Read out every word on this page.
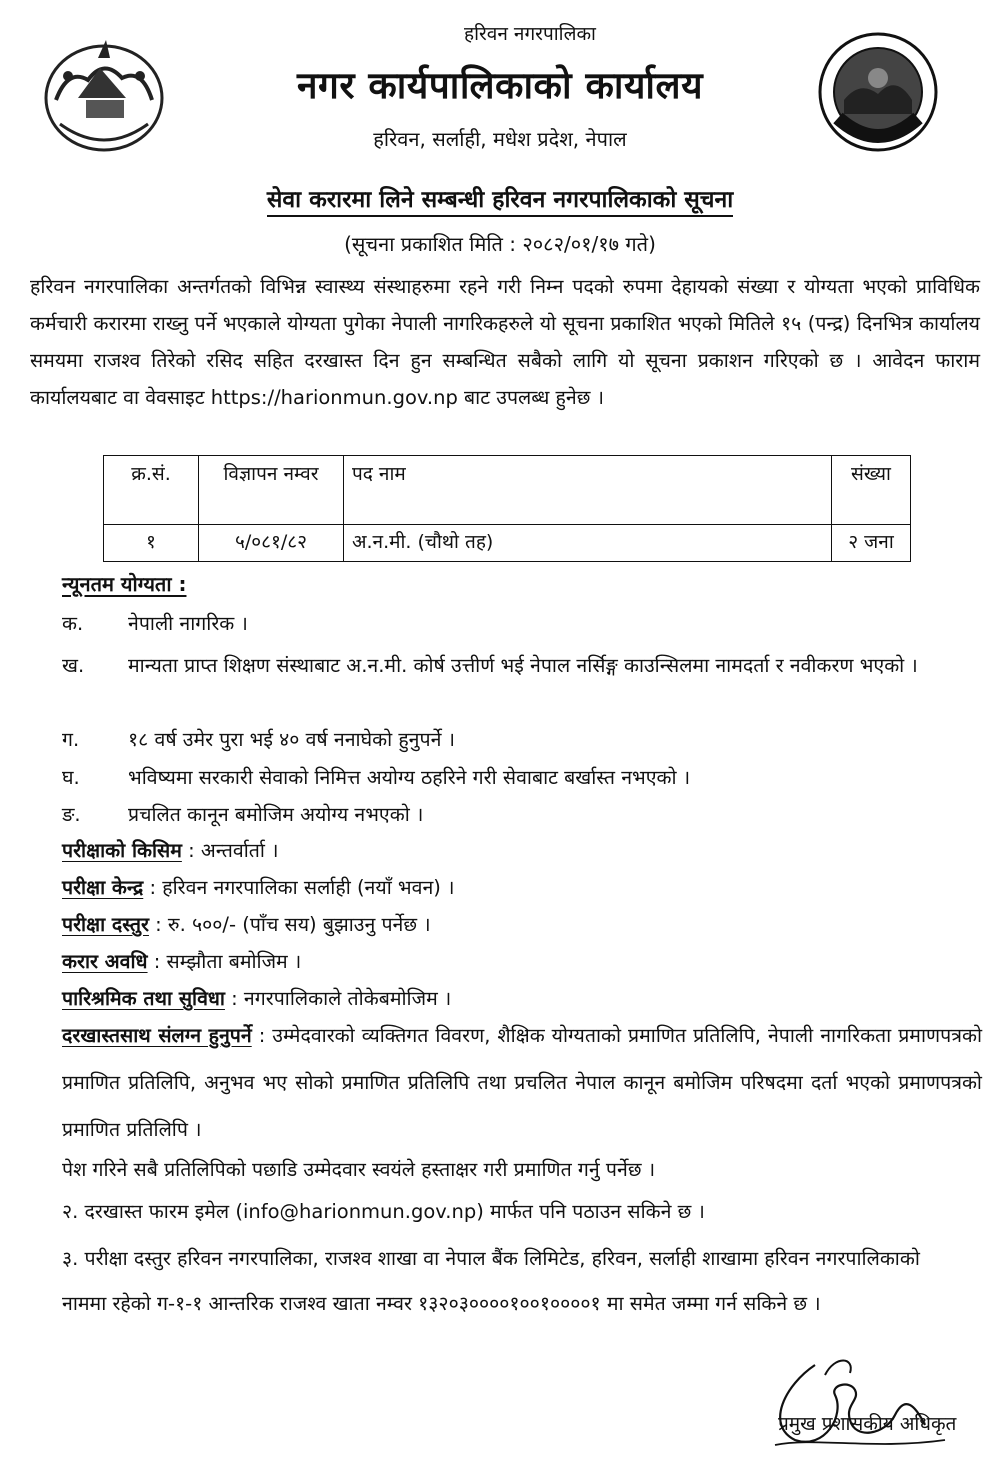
हरिवन नगरपालिका
नगर कार्यपालिकाको कार्यालय
हरिवन, सर्लाही, मधेश प्रदेश, नेपाल
सेवा करारमा लिने सम्बन्धी हरिवन नगरपालिकाको सूचना
(सूचना प्रकाशित मिति : २०८२/०१/१७ गते)
हरिवन नगरपालिका अन्तर्गतको विभिन्न स्वास्थ्य संस्थाहरुमा रहने गरी निम्न पदको रुपमा देहायको संख्या र योग्यता भएको प्राविधिक कर्मचारी करारमा राख्नु पर्ने भएकाले योग्यता पुगेका नेपाली नागरिकहरुले यो सूचना प्रकाशित भएको मितिले १५ (पन्द्र) दिनभित्र कार्यालय समयमा राजश्व तिरेको रसिद सहित दरखास्त दिन हुन सम्बन्धित सबैको लागि यो सूचना प्रकाशन गरिएको छ । आवेदन फाराम कार्यालयबाट वा वेवसाइट https://harionmun.gov.np बाट उपलब्ध हुनेछ ।
क्र.सं.	विज्ञापन नम्वर	पद नाम	संख्या
१	५/०८१/८२	अ.न.मी. (चौथो तह)	२ जना
न्यूनतम योग्यता :
क.	नेपाली नागरिक ।
ख.	मान्यता प्राप्त शिक्षण संस्थाबाट अ.न.मी. कोर्ष उत्तीर्ण भई नेपाल नर्सिङ्ग काउन्सिलमा नामदर्ता र नवीकरण भएको ।
ग.	१८ वर्ष उमेर पुरा भई ४० वर्ष ननाघेको हुनुपर्ने ।
घ.	भविष्यमा सरकारी सेवाको निमित्त अयोग्य ठहरिने गरी सेवाबाट बर्खास्त नभएको ।
ङ.	प्रचलित कानून बमोजिम अयोग्य नभएको ।
परीक्षाको किसिम : अन्तर्वार्ता ।
परीक्षा केन्द्र : हरिवन नगरपालिका सर्लाही (नयाँ भवन) ।
परीक्षा दस्तुर : रु. ५००/- (पाँच सय) बुझाउनु पर्नेछ ।
करार अवधि : सम्झौता बमोजिम ।
पारिश्रमिक तथा सुविधा : नगरपालिकाले तोकेबमोजिम ।
दरखास्तसाथ संलग्न हुनुपर्ने : उम्मेदवारको व्यक्तिगत विवरण, शैक्षिक योग्यताको प्रमाणित प्रतिलिपि, नेपाली नागरिकता प्रमाणपत्रको प्रमाणित प्रतिलिपि, अनुभव भए सोको प्रमाणित प्रतिलिपि तथा प्रचलित नेपाल कानून बमोजिम परिषदमा दर्ता भएको प्रमाणपत्रको प्रमाणित प्रतिलिपि ।
पेश गरिने सबै प्रतिलिपिको पछाडि उम्मेदवार स्वयंले हस्ताक्षर गरी प्रमाणित गर्नु पर्नेछ ।
२. दरखास्त फारम इमेल (info@harionmun.gov.np) मार्फत पनि पठाउन सकिने छ ।
३. परीक्षा दस्तुर हरिवन नगरपालिका, राजश्व शाखा वा नेपाल बैंक लिमिटेड, हरिवन, सर्लाही शाखामा हरिवन नगरपालिकाको नाममा रहेको ग-१-१ आन्तरिक राजश्व खाता नम्वर १३२०३००००१००१००००१ मा समेत जम्मा गर्न सकिने छ ।
प्रमुख प्रशासकीय अधिकृत
